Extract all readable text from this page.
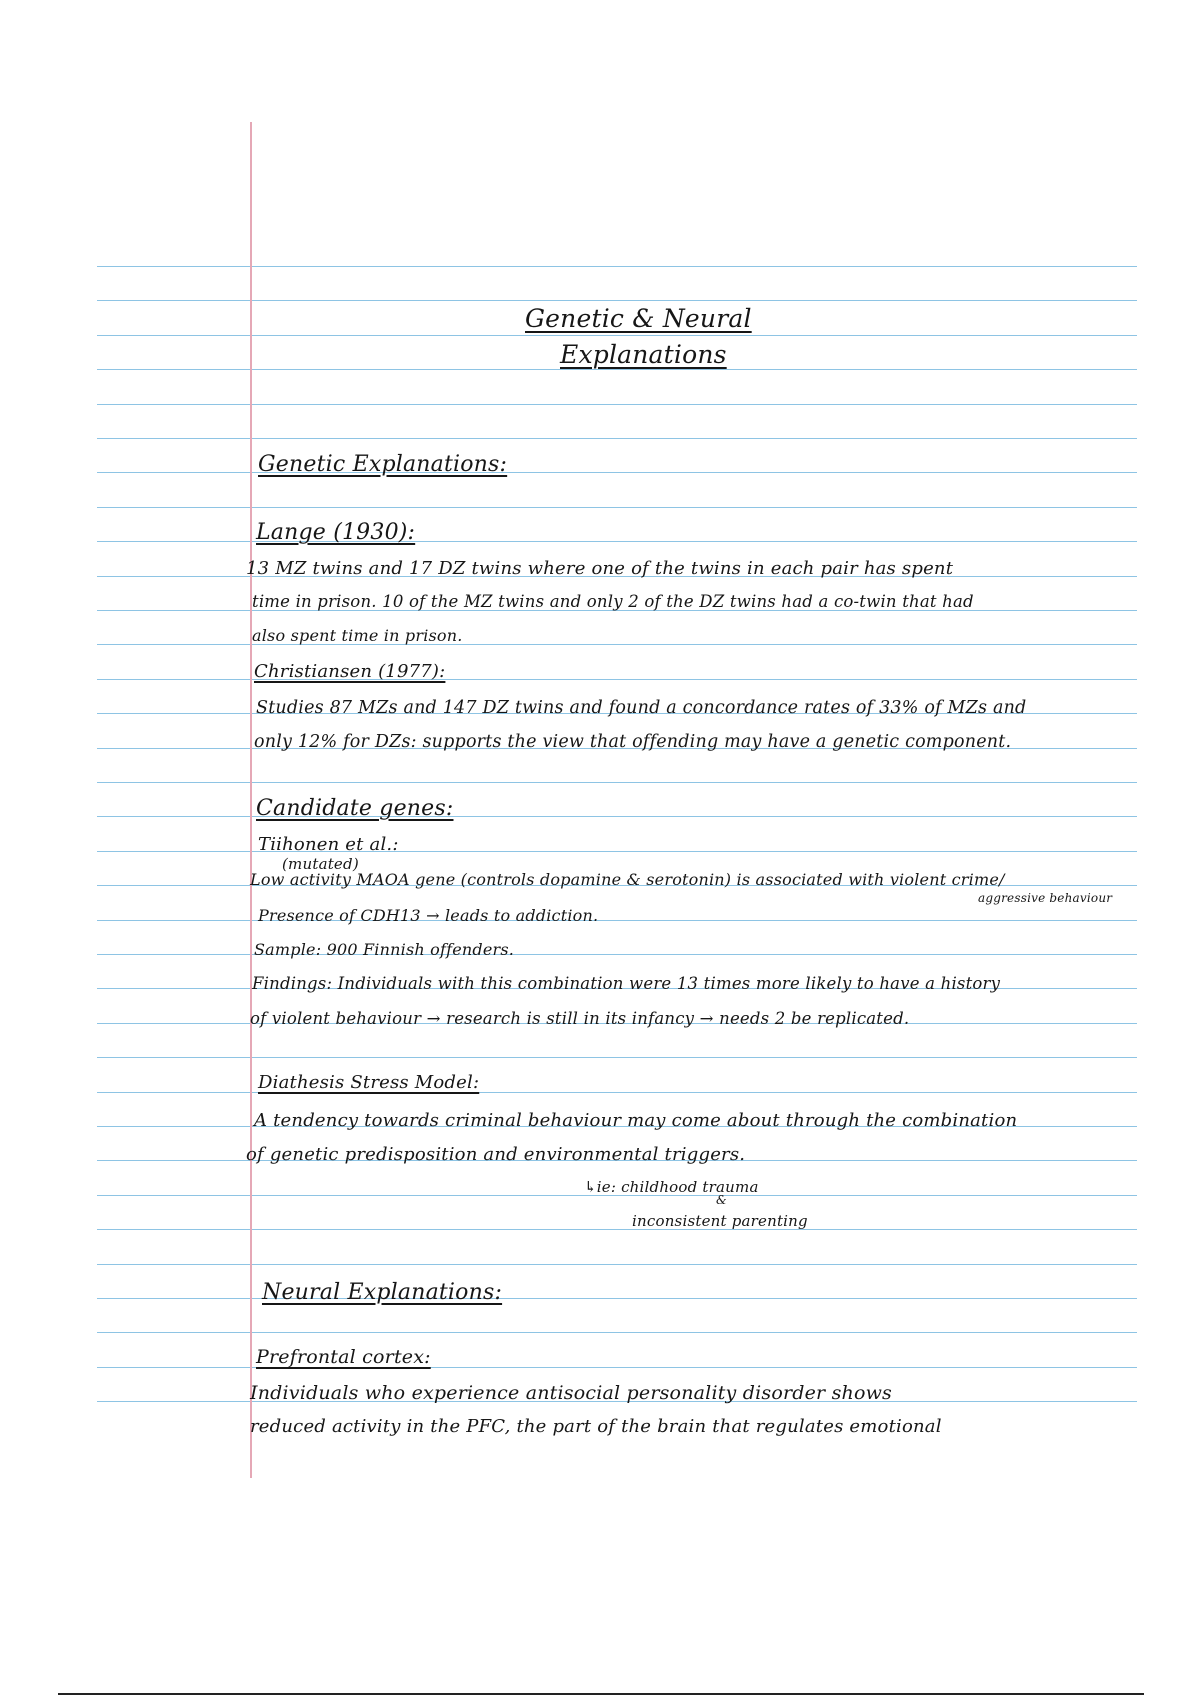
Genetic & Neural
Explanations
Genetic Explanations:
Lange (1930):
13 MZ twins and 17 DZ twins where one of the twins in each pair has spent
time in prison. 10 of the MZ twins and only 2 of the DZ twins had a co-twin that had
also spent time in prison.
Christiansen (1977):
Studies 87 MZs and 147 DZ twins and found a concordance rates of 33% of MZs and
only 12% for DZs: supports the view that offending may have a genetic component.
Candidate genes:
Tiihonen et al.:
(mutated)
Low activity MAOA gene (controls dopamine & serotonin) is associated with violent crime/
aggressive behaviour
Presence of CDH13 → leads to addiction.
Sample: 900 Finnish offenders.
Findings: Individuals with this combination were 13 times more likely to have a history
of violent behaviour → research is still in its infancy → needs 2 be replicated.
Diathesis Stress Model:
A tendency towards criminal behaviour may come about through the combination
of genetic predisposition and environmental triggers.
↳ie: childhood trauma
&
inconsistent parenting
Neural Explanations:
Prefrontal cortex:
Individuals who experience antisocial personality disorder shows
reduced activity in the PFC, the part of the brain that regulates emotional
